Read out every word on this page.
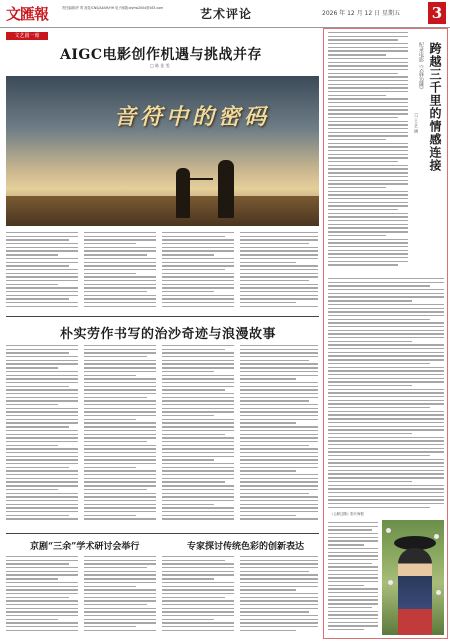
文匯報	责任编辑/许 莺 视觉/CNS/AASH/HH 电子邮箱:wyhw2004@163.com	艺术评论	2026 年 12 月 12 日 星期五 3
文艺圆一席
AIGC电影创作机遇与挑战并存
□ 陈 佳 雯
音符中的密码
朴实劳作书写的治沙奇迹与浪漫故事
京剧“三余”学术研讨会举行	专家探讨传统色彩的创新表达
跨越三千里的情感连接
纪录电影《云驿边陲》
□ 王 艺 涵
《云驿边陲》影片海报
